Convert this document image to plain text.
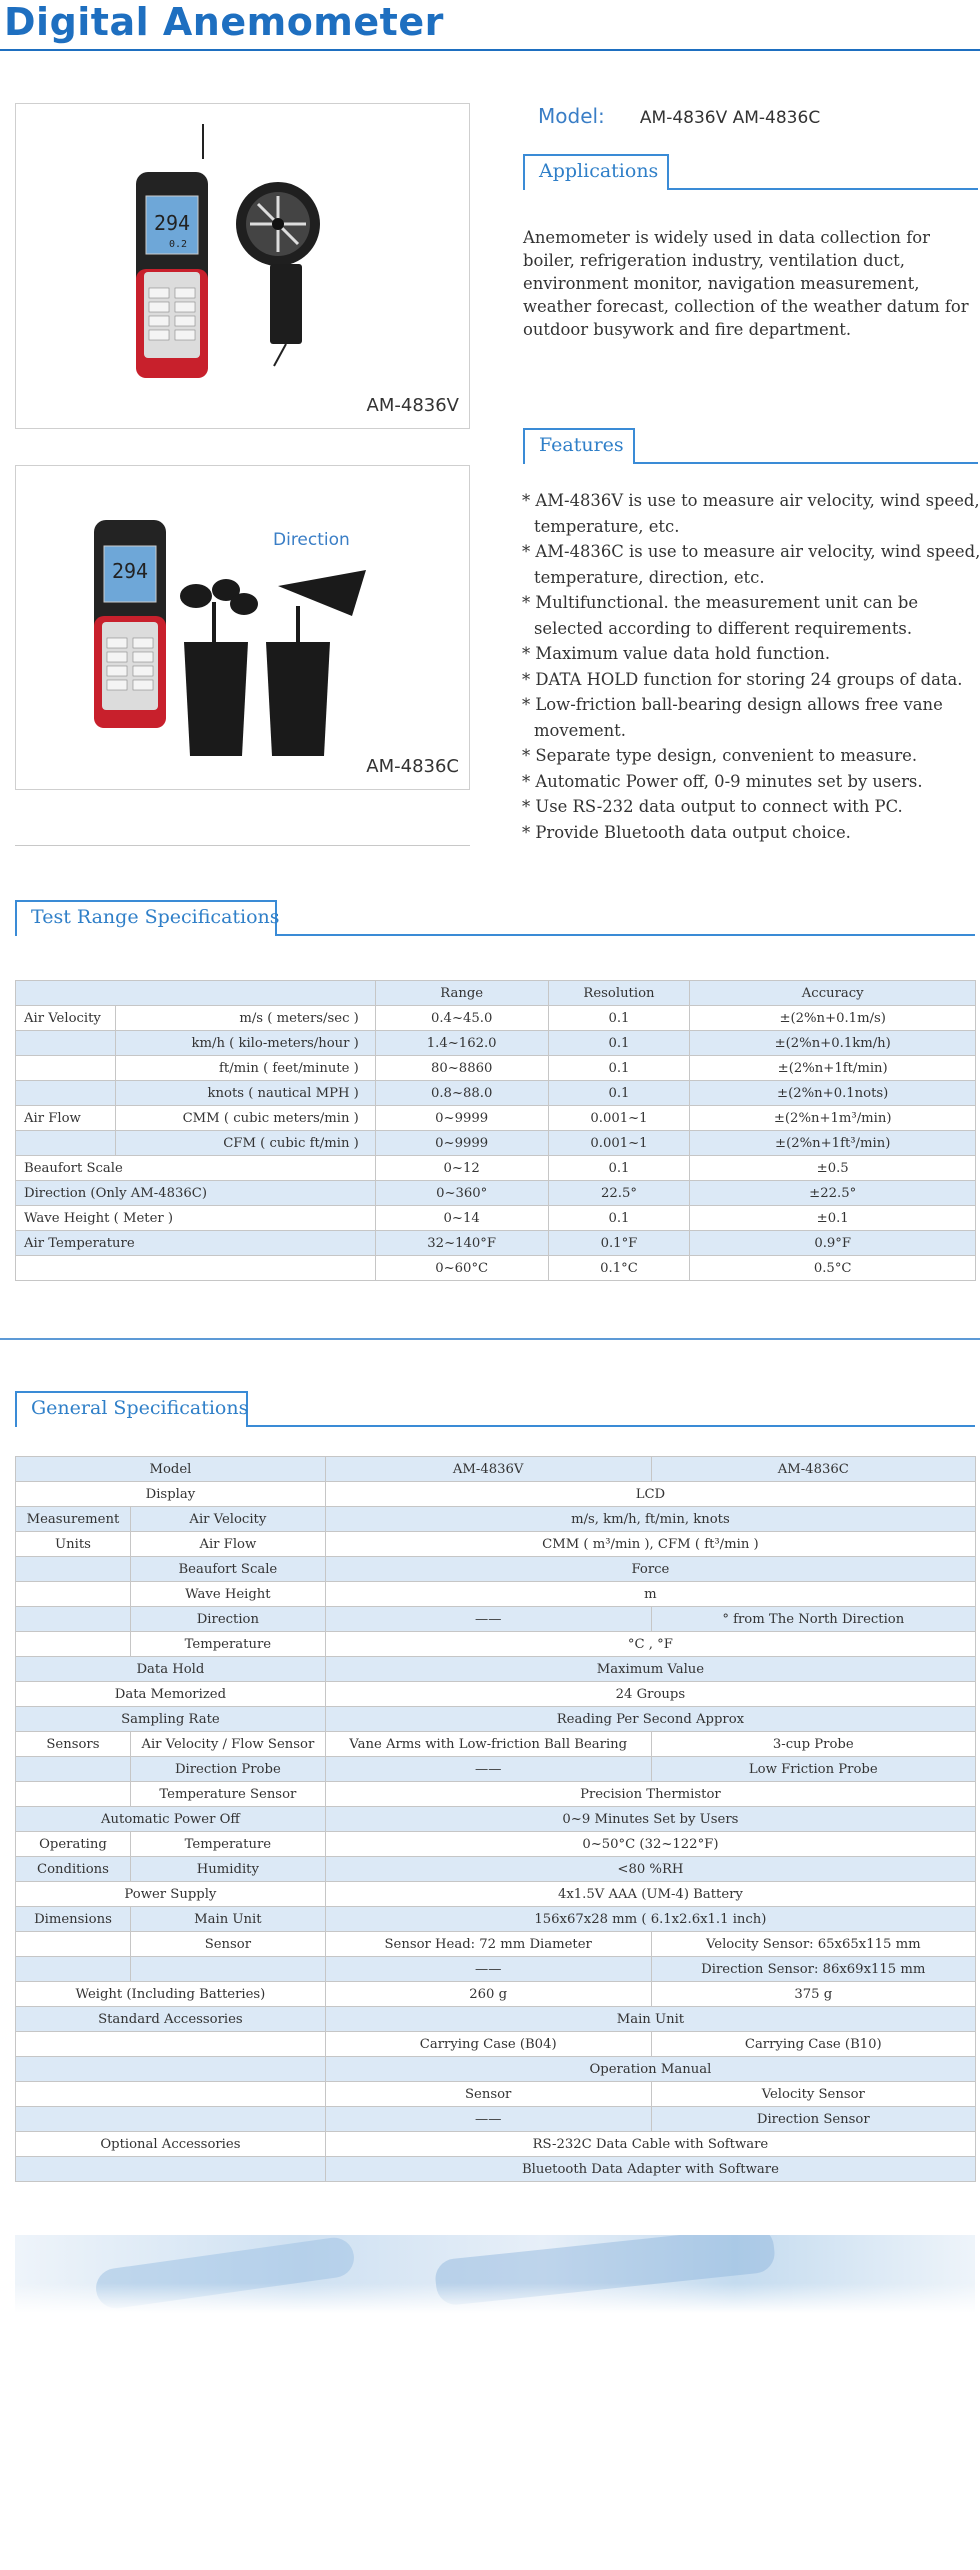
Digital Anemometer
294
0.2
AM-4836V
294
Direction
AM-4836C
Model: AM-4836V AM-4836C
Applications
Anemometer is widely used in data collection for boiler, refrigeration industry, ventilation duct, environment monitor, navigation measurement, weather forecast, collection of the weather datum for outdoor busywork and fire department.
Features
* AM-4836V is use to measure air velocity, wind speed, temperature, etc.
* AM-4836C is use to measure air velocity, wind speed, temperature, direction, etc.
* Multifunctional. the measurement unit can be selected according to different requirements.
* Maximum value data hold function.
* DATA HOLD function for storing 24 groups of data.
* Low-friction ball-bearing design allows free vane movement.
* Separate type design, convenient to measure.
* Automatic Power off, 0-9 minutes set by users.
* Use RS-232 data output to connect with PC.
* Provide Bluetooth data output choice.
Test Range Specifications
		Range	Resolution	Accuracy
Air Velocity	m/s ( meters/sec )	0.4~45.0	0.1	±(2%n+0.1m/s)
	km/h ( kilo-meters/hour )	1.4~162.0	0.1	±(2%n+0.1km/h)
	ft/min ( feet/minute )	80~8860	0.1	±(2%n+1ft/min)
	knots ( nautical MPH )	0.8~88.0	0.1	±(2%n+0.1nots)
Air Flow	CMM ( cubic meters/min )	0~9999	0.001~1	±(2%n+1m³/min)
	CFM ( cubic ft/min )	0~9999	0.001~1	±(2%n+1ft³/min)
Beaufort Scale		0~12	0.1	±0.5
Direction (Only AM-4836C)		0~360°	22.5°	±22.5°
Wave Height ( Meter )		0~14	0.1	±0.1
Air Temperature		32~140°F	0.1°F	0.9°F
		0~60°C	0.1°C	0.5°C
General Specifications
Model		AM-4836V	AM-4836C
Display		LCD	
Measurement	Air Velocity	m/s, km/h, ft/min, knots	
Units	Air Flow	CMM ( m³/min ), CFM ( ft³/min )	
	Beaufort Scale	Force	
	Wave Height	m	
	Direction	——	° from The North Direction
	Temperature	°C , °F	
Data Hold		Maximum Value	
Data Memorized		24 Groups	
Sampling Rate		Reading Per Second Approx	
Sensors	Air Velocity / Flow Sensor	Vane Arms with Low-friction Ball Bearing	3-cup Probe
	Direction Probe	——	Low Friction Probe
	Temperature Sensor	Precision Thermistor	
Automatic Power Off		0~9 Minutes Set by Users	
Operating	Temperature	0~50°C (32~122°F)	
Conditions	Humidity	<80 %RH	
Power Supply		4x1.5V AAA (UM-4) Battery	
Dimensions	Main Unit	156x67x28 mm ( 6.1x2.6x1.1 inch)	
	Sensor	Sensor Head: 72 mm Diameter	Velocity Sensor: 65x65x115 mm
		——	Direction Sensor: 86x69x115 mm
Weight (Including Batteries)		260 g	375 g
Standard Accessories		Main Unit	
		Carrying Case (B04)	Carrying Case (B10)
		Operation Manual	
		Sensor	Velocity Sensor
		——	Direction Sensor
Optional Accessories		RS-232C Data Cable with Software	
		Bluetooth Data Adapter with Software	
